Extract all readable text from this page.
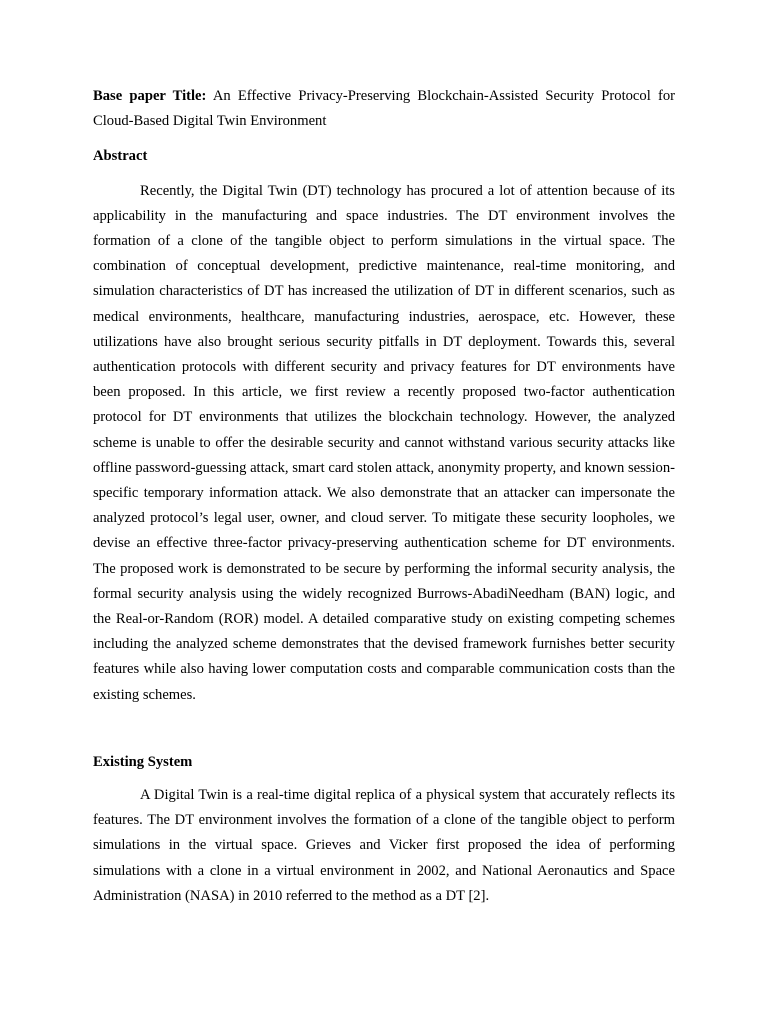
Base paper Title: An Effective Privacy-Preserving Blockchain-Assisted Security Protocol for Cloud-Based Digital Twin Environment

Abstract

Recently, the Digital Twin (DT) technology has procured a lot of attention because of its applicability in the manufacturing and space industries. The DT environment involves the formation of a clone of the tangible object to perform simulations in the virtual space. The combination of conceptual development, predictive maintenance, real-time monitoring, and simulation characteristics of DT has increased the utilization of DT in different scenarios, such as medical environments, healthcare, manufacturing industries, aerospace, etc. However, these utilizations have also brought serious security pitfalls in DT deployment. Towards this, several authentication protocols with different security and privacy features for DT environments have been proposed. In this article, we first review a recently proposed two-factor authentication protocol for DT environments that utilizes the blockchain technology. However, the analyzed scheme is unable to offer the desirable security and cannot withstand various security attacks like offline password-guessing attack, smart card stolen attack, anonymity property, and known session-specific temporary information attack. We also demonstrate that an attacker can impersonate the analyzed protocol’s legal user, owner, and cloud server. To mitigate these security loopholes, we devise an effective three-factor privacy-preserving authentication scheme for DT environments. The proposed work is demonstrated to be secure by performing the informal security analysis, the formal security analysis using the widely recognized Burrows-AbadiNeedham (BAN) logic, and the Real-or-Random (ROR) model. A detailed comparative study on existing competing schemes including the analyzed scheme demonstrates that the devised framework furnishes better security features while also having lower computation costs and comparable communication costs than the existing schemes.

Existing System

A Digital Twin is a real-time digital replica of a physical system that accurately reflects its features. The DT environment involves the formation of a clone of the tangible object to perform simulations in the virtual space. Grieves and Vicker first proposed the idea of performing simulations with a clone in a virtual environment in 2002, and National Aeronautics and Space Administration (NASA) in 2010 referred to the method as a DT [2].
